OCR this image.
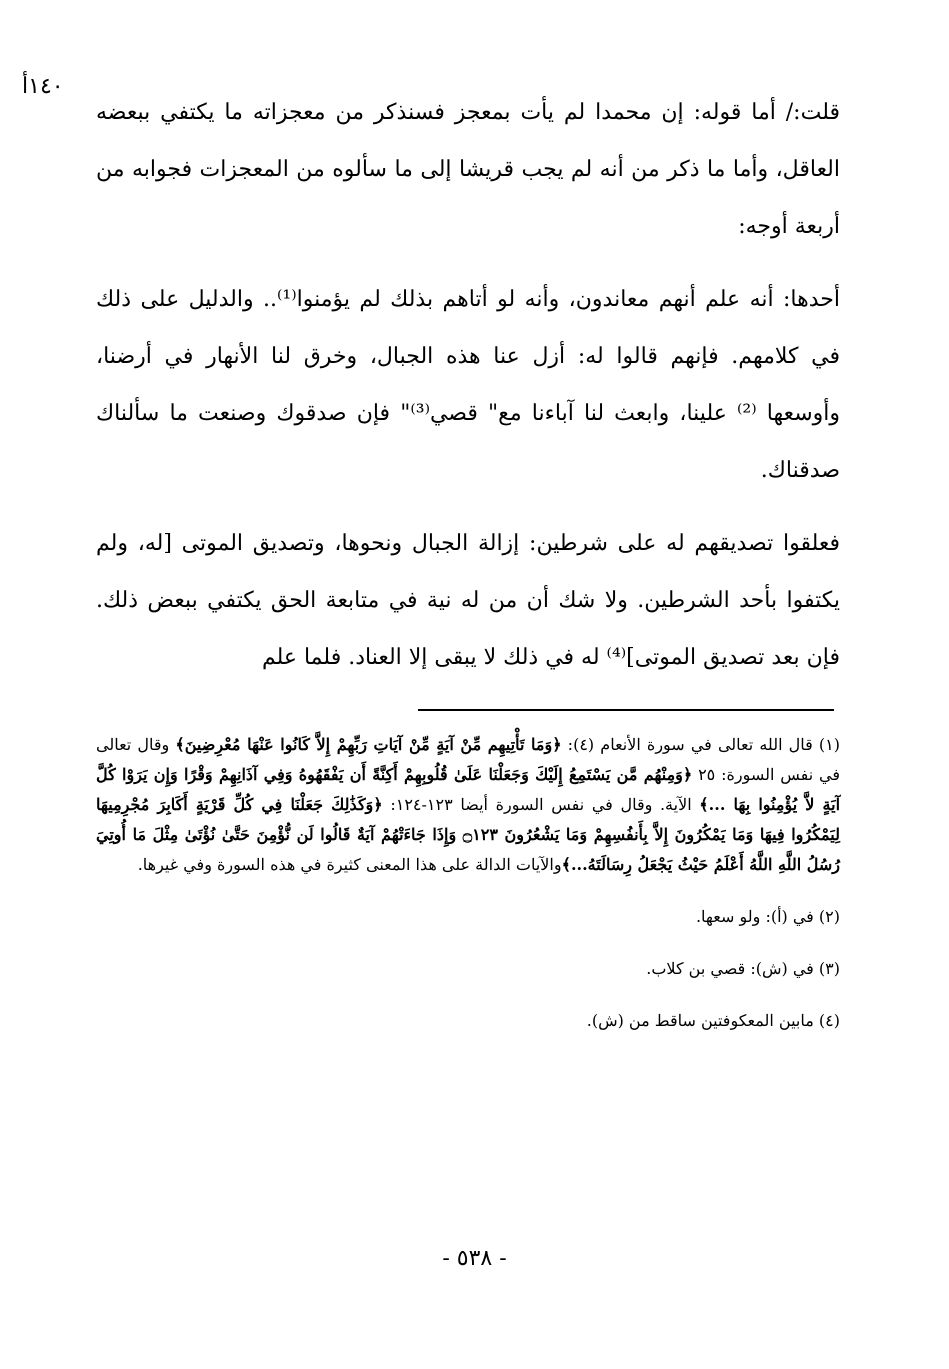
١٤٠أ

قلت:/ أما قوله: إن محمدا لم يأت بمعجز فسنذكر من معجزاته ما يكتفي ببعضه العاقل، وأما ما ذكر من أنه لم يجب قريشا إلى ما سألوه من المعجزات فجوابه من أربعة أوجه:

أحدها: أنه علم أنهم معاندون، وأنه لو أتاهم بذلك لم يؤمنوا⁽¹⁾.. والدليل على ذلك في كلامهم. فإنهم قالوا له: أزل عنا هذه الجبال، وخرق لنا الأنهار في أرضنا، وأوسعها ⁽²⁾ علينا، وابعث لنا آباءنا مع" قصي⁽³⁾" فإن صدقوك وصنعت ما سألناك صدقناك.

فعلقوا تصديقهم له على شرطين: إزالة الجبال ونحوها، وتصديق الموتى [له، ولم يكتفوا بأحد الشرطين. ولا شك أن من له نية في متابعة الحق يكتفي ببعض ذلك. فإن بعد تصديق الموتى]⁽⁴⁾ له في ذلك لا يبقى إلا العناد. فلما علم

(١) قال الله تعالى في سورة الأنعام (٤): ﴿وَمَا تَأْتِيهِم مِّنْ آيَةٍ مِّنْ آيَاتِ رَبِّهِمْ إِلاَّ كَانُوا عَنْهَا مُعْرِضِينَ﴾ وقال تعالى في نفس السورة: ٢٥ ﴿وَمِنْهُم مَّن يَسْتَمِعُ إِلَيْكَ وَجَعَلْنَا عَلَىٰ قُلُوبِهِمْ أَكِنَّةً أَن يَفْقَهُوهُ وَفِي آذَانِهِمْ وَقْرًا وَإِن يَرَوْا كُلَّ آيَةٍ لاَّ يُؤْمِنُوا بِهَا ...﴾ الآية. وقال في نفس السورة أيضا ١٢٣-١٢٤: ﴿وَكَذَٰلِكَ جَعَلْنَا فِي كُلِّ قَرْيَةٍ أَكَابِرَ مُجْرِمِيهَا لِيَمْكُرُوا فِيهَا وَمَا يَمْكُرُونَ إِلاَّ بِأَنفُسِهِمْ وَمَا يَشْعُرُونَ ۝١٢٣ وَإِذَا جَاءَتْهُمْ آيَةٌ قَالُوا لَن نُّؤْمِنَ حَتَّىٰ نُؤْتَىٰ مِثْلَ مَا أُوتِيَ رُسُلُ اللَّهِ اللَّهُ أَعْلَمُ حَيْثُ يَجْعَلُ رِسَالَتَهُ...﴾والآيات الدالة على هذا المعنى كثيرة في هذه السورة وفي غيرها.

(٢) في (أ): ولو سعها.

(٣) في (ش): قصي بن كلاب.

(٤) مابين المعكوفتين ساقط من (ش).

- ٥٣٨ -
